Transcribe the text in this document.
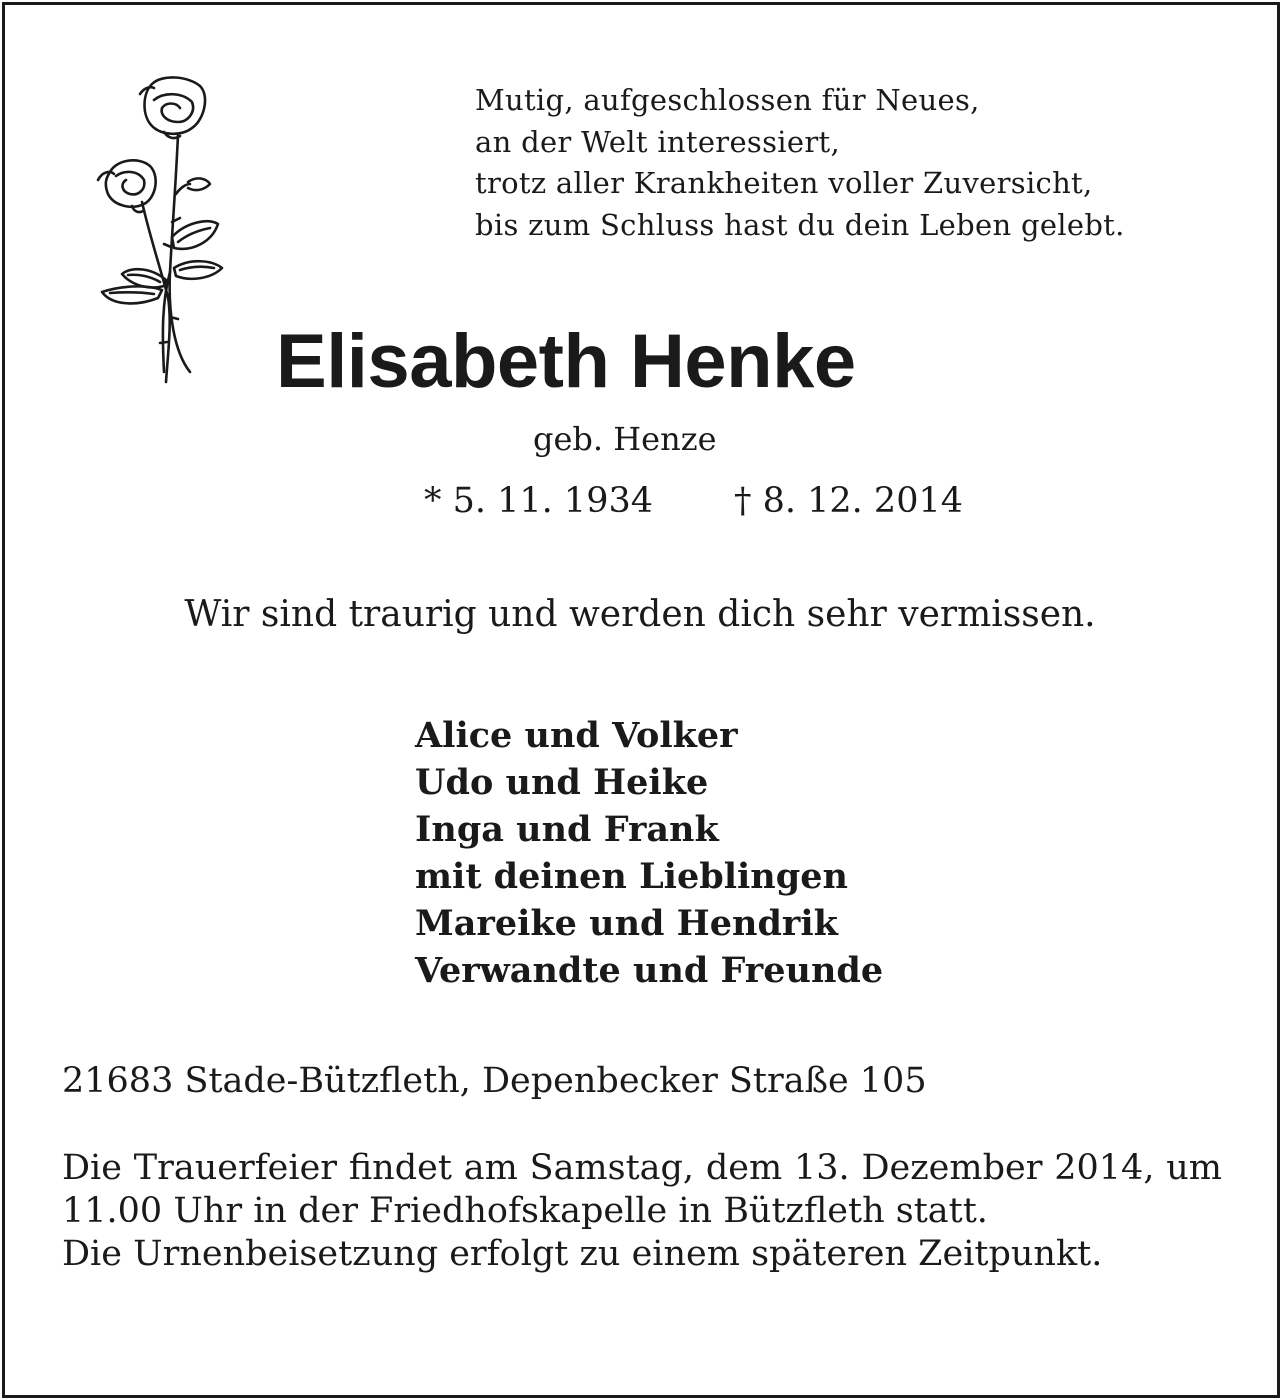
Mutig, aufgeschlossen für Neues,
an der Welt interessiert,
trotz aller Krankheiten voller Zuversicht,
bis zum Schluss hast du dein Leben gelebt.
Elisabeth Henke
geb. Henze
* 5. 11. 1934 † 8. 12. 2014
Wir sind traurig und werden dich sehr vermissen.
Alice und Volker
Udo und Heike
Inga und Frank
mit deinen Lieblingen
Mareike und Hendrik
Verwandte und Freunde
21683 Stade-Bützfleth, Depenbecker Straße 105
Die Trauerfeier findet am Samstag, dem 13. Dezember 2014, um 11.00 Uhr in der Friedhofskapelle in Bützfleth statt.
Die Urnenbeisetzung erfolgt zu einem späteren Zeitpunkt.
